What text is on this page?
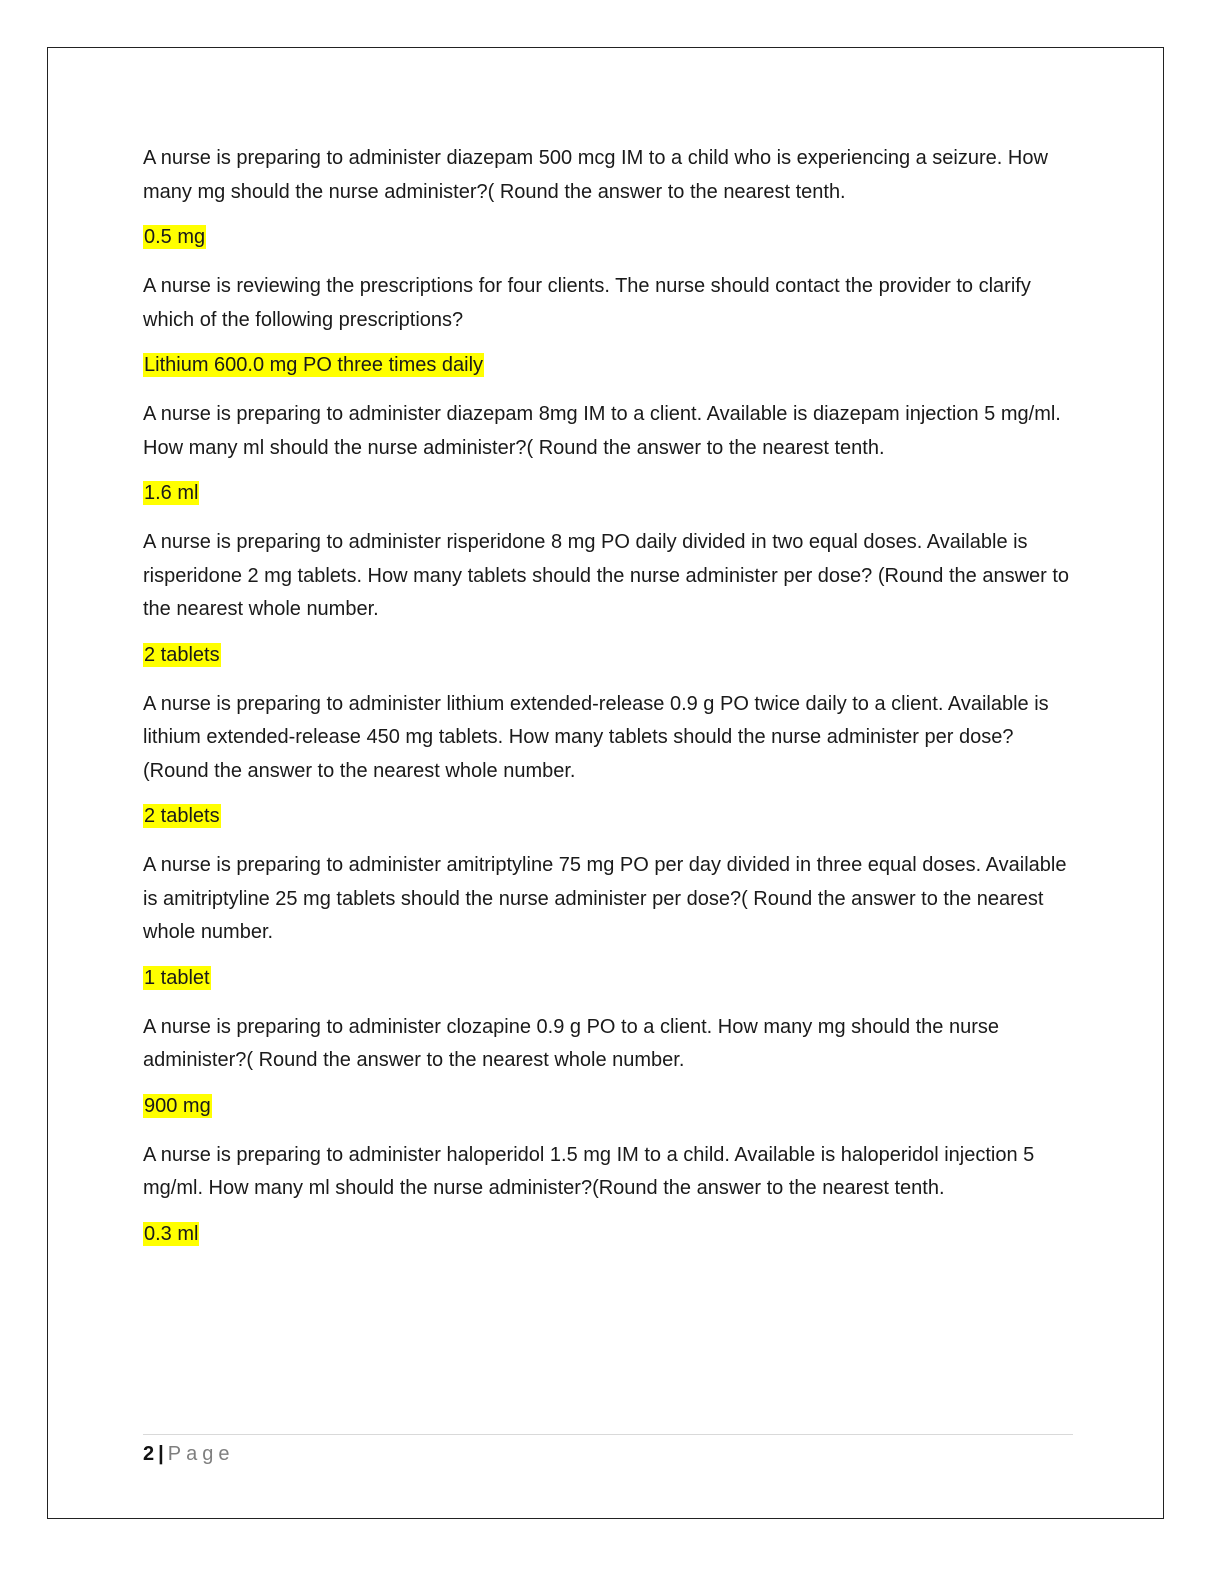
A nurse is preparing to administer diazepam 500 mcg IM to a child who is experiencing a seizure. How many mg should the nurse administer?( Round the answer to the nearest tenth.

0.5 mg

A nurse is reviewing the prescriptions for four clients. The nurse should contact the provider to clarify which of the following prescriptions?

Lithium 600.0 mg PO three times daily

A nurse is preparing to administer diazepam 8mg IM to a client. Available is diazepam injection 5 mg/ml. How many ml should the nurse administer?( Round the answer to the nearest tenth.

1.6 ml

A nurse is preparing to administer risperidone 8 mg PO daily divided in two equal doses. Available is risperidone 2 mg tablets. How many tablets should the nurse administer per dose? (Round the answer to the nearest whole number.

2 tablets

A nurse is preparing to administer lithium extended-release 0.9 g PO twice daily to a client. Available is lithium extended-release 450 mg tablets. How many tablets should the nurse administer per dose? (Round the answer to the nearest whole number.

2 tablets

A nurse is preparing to administer amitriptyline 75 mg PO per day divided in three equal doses. Available is amitriptyline 25 mg tablets should the nurse administer per dose?( Round the answer to the nearest whole number.

1 tablet

A nurse is preparing to administer clozapine 0.9 g PO to a client. How many mg should the nurse administer?( Round the answer to the nearest whole number.

900 mg

A nurse is preparing to administer haloperidol 1.5 mg IM to a child. Available is haloperidol injection 5 mg/ml. How many ml should the nurse administer?(Round the answer to the nearest tenth.

0.3 ml

2 | Page
